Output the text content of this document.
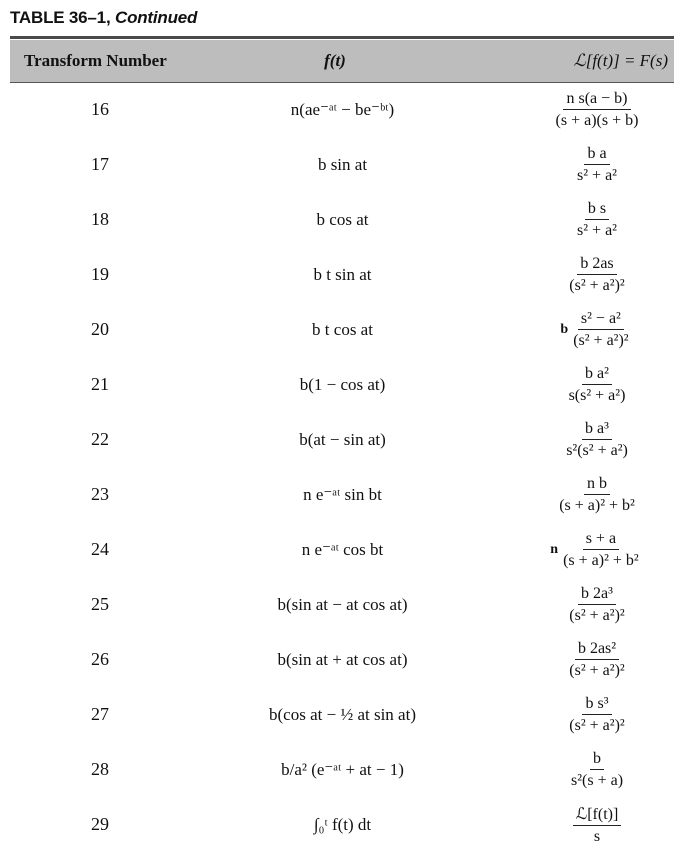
TABLE 36–1, Continued
Transform Number	f(t)	ℒ[f(t)] = F(s)
16	n(ae⁻ᵃᵗ − be⁻ᵇᵗ)	$\frac{\text{n s(a − b)}}{(s + a)(s + b)}$
17	b sin at	$\frac{\text{b a}}{\text{s² + a²}}$
18	b cos at	$\frac{\text{b s}}{\text{s² + a²}}$
19	b t sin at	$\frac{b 2as}{\text{(s² + a²)²}}$
20	b t cos at	b $\frac{\text{s² − a²}}{\text{(s² + a²)²}}$
21	b(1 − cos at)	$\frac{\text{b a²}}{\text{s(s² + a²)}}$
22	b(at − sin at)	$\frac{\text{b a³}}{\text{s²(s² + a²)}}$
23	n e⁻ᵃᵗ sin bt	$\frac{\text{n b}}{\text{(s + a)² + b²}}$
24	n e⁻ᵃᵗ cos bt	n $\frac{s + a}{\text{(s + a)² + b²}}$
25	b(sin at − at cos at)	$\frac{\text{b 2a³}}{\text{(s² + a²)²}}$
26	b(sin at + at cos at)	$\frac{\text{b 2as²}}{\text{(s² + a²)²}}$
27	b(cos at − ½ at sin at)	$\frac{\text{b s³}}{\text{(s² + a²)²}}$
28	b/a² (e⁻ᵃᵗ + at − 1)	$\frac{b}{\text{s²(s + a)}}$
29	∫₀ᵗ f(t) dt	$\frac{\text{ℒ[f(t)]}}{s}$
